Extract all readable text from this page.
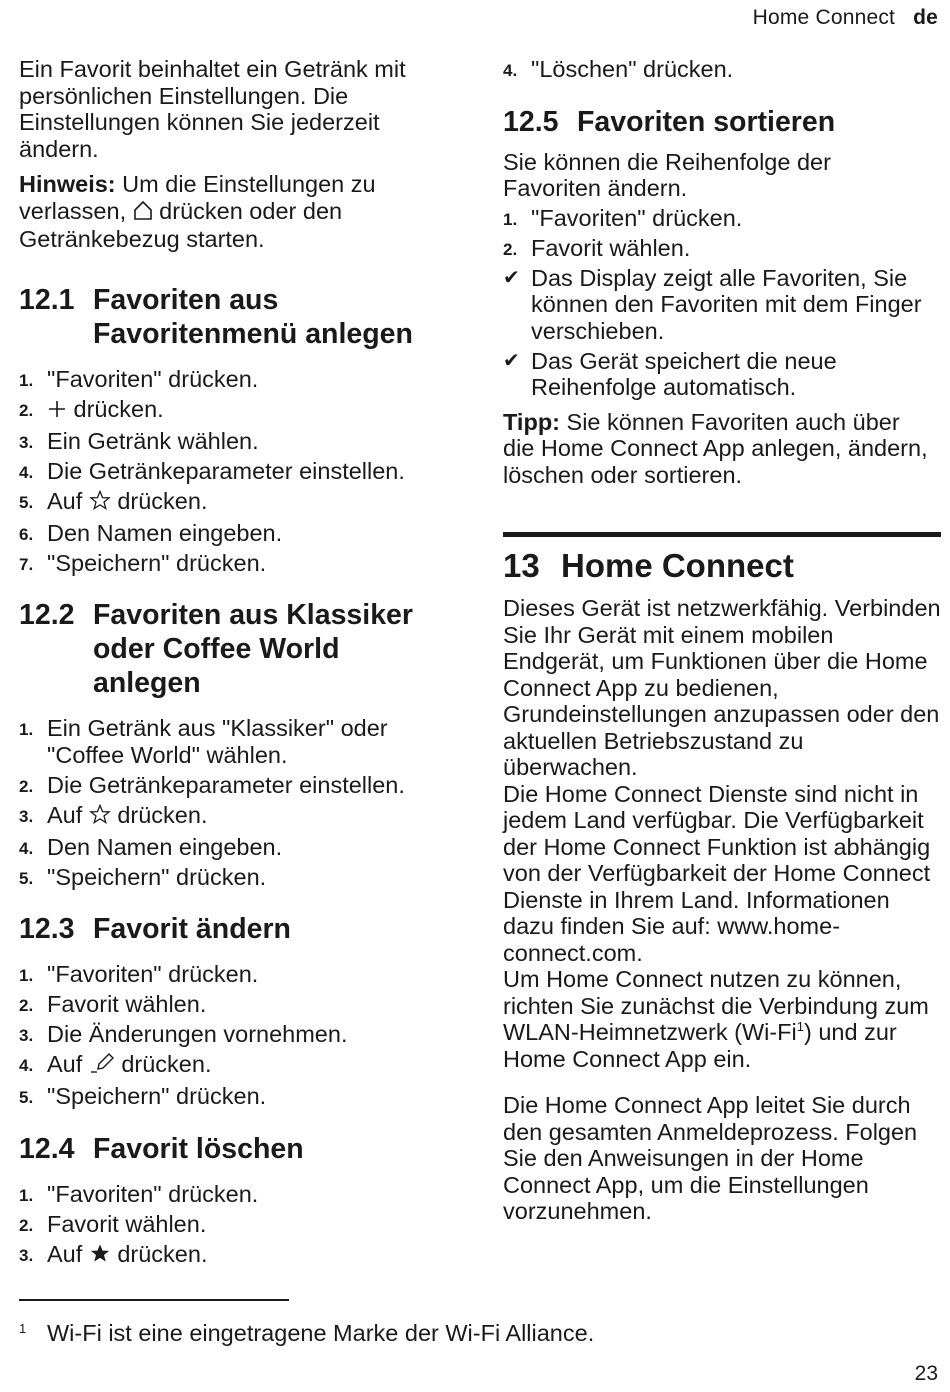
Home Connect de

Ein Favorit beinhaltet ein Getränk mit persönlichen Einstellungen. Die Einstellungen können Sie jederzeit ändern.

Hinweis: Um die Einstellungen zu verlassen, drücken oder den Getränkebezug starten.

12.1 Favoriten aus Favoritenmenü anlegen
1. "Favoriten" drücken.
2. drücken.
3. Ein Getränk wählen.
4. Die Getränkeparameter einstellen.
5. Auf drücken.
6. Den Namen eingeben.
7. "Speichern" drücken.
12.2 Favoriten aus Klassiker oder Coffee World anlegen
1. Ein Getränk aus "Klassiker" oder "Coffee World" wählen.
2. Die Getränkeparameter einstellen.
3. Auf drücken.
4. Den Namen eingeben.
5. "Speichern" drücken.
12.3 Favorit ändern
1. "Favoriten" drücken.
2. Favorit wählen.
3. Die Änderungen vornehmen.
4. Auf drücken.
5. "Speichern" drücken.
12.4 Favorit löschen
1. "Favoriten" drücken.
2. Favorit wählen.
3. Auf drücken.
4. "Löschen" drücken.
12.5 Favoriten sortieren

Sie können die Reihenfolge der Favoriten ändern.

1. "Favoriten" drücken.
2. Favorit wählen.
✔ Das Display zeigt alle Favoriten, Sie können den Favoriten mit dem Finger verschieben.
✔ Das Gerät speichert die neue Reihenfolge automatisch.

Tipp: Sie können Favoriten auch über die Home Connect App anlegen, ändern, löschen oder sortieren.

13 Home Connect

Dieses Gerät ist netzwerkfähig. Verbinden Sie Ihr Gerät mit einem mobilen Endgerät, um Funktionen über die Home Connect App zu bedienen, Grundeinstellungen anzupassen oder den aktuellen Betriebszustand zu überwachen.

Die Home Connect Dienste sind nicht in jedem Land verfügbar. Die Verfügbarkeit der Home Connect Funktion ist abhängig von der Verfügbarkeit der Home Connect Dienste in Ihrem Land. Informationen dazu finden Sie auf: www.home-connect.com.

Um Home Connect nutzen zu können, richten Sie zunächst die Verbindung zum WLAN-Heimnetzwerk (Wi-Fi$^1$) und zur Home Connect App ein.

Die Home Connect App leitet Sie durch den gesamten Anmeldeprozess. Folgen Sie den Anweisungen in der Home Connect App, um die Einstellungen vorzunehmen.

1 Wi-Fi ist eine eingetragene Marke der Wi-Fi Alliance.
23
